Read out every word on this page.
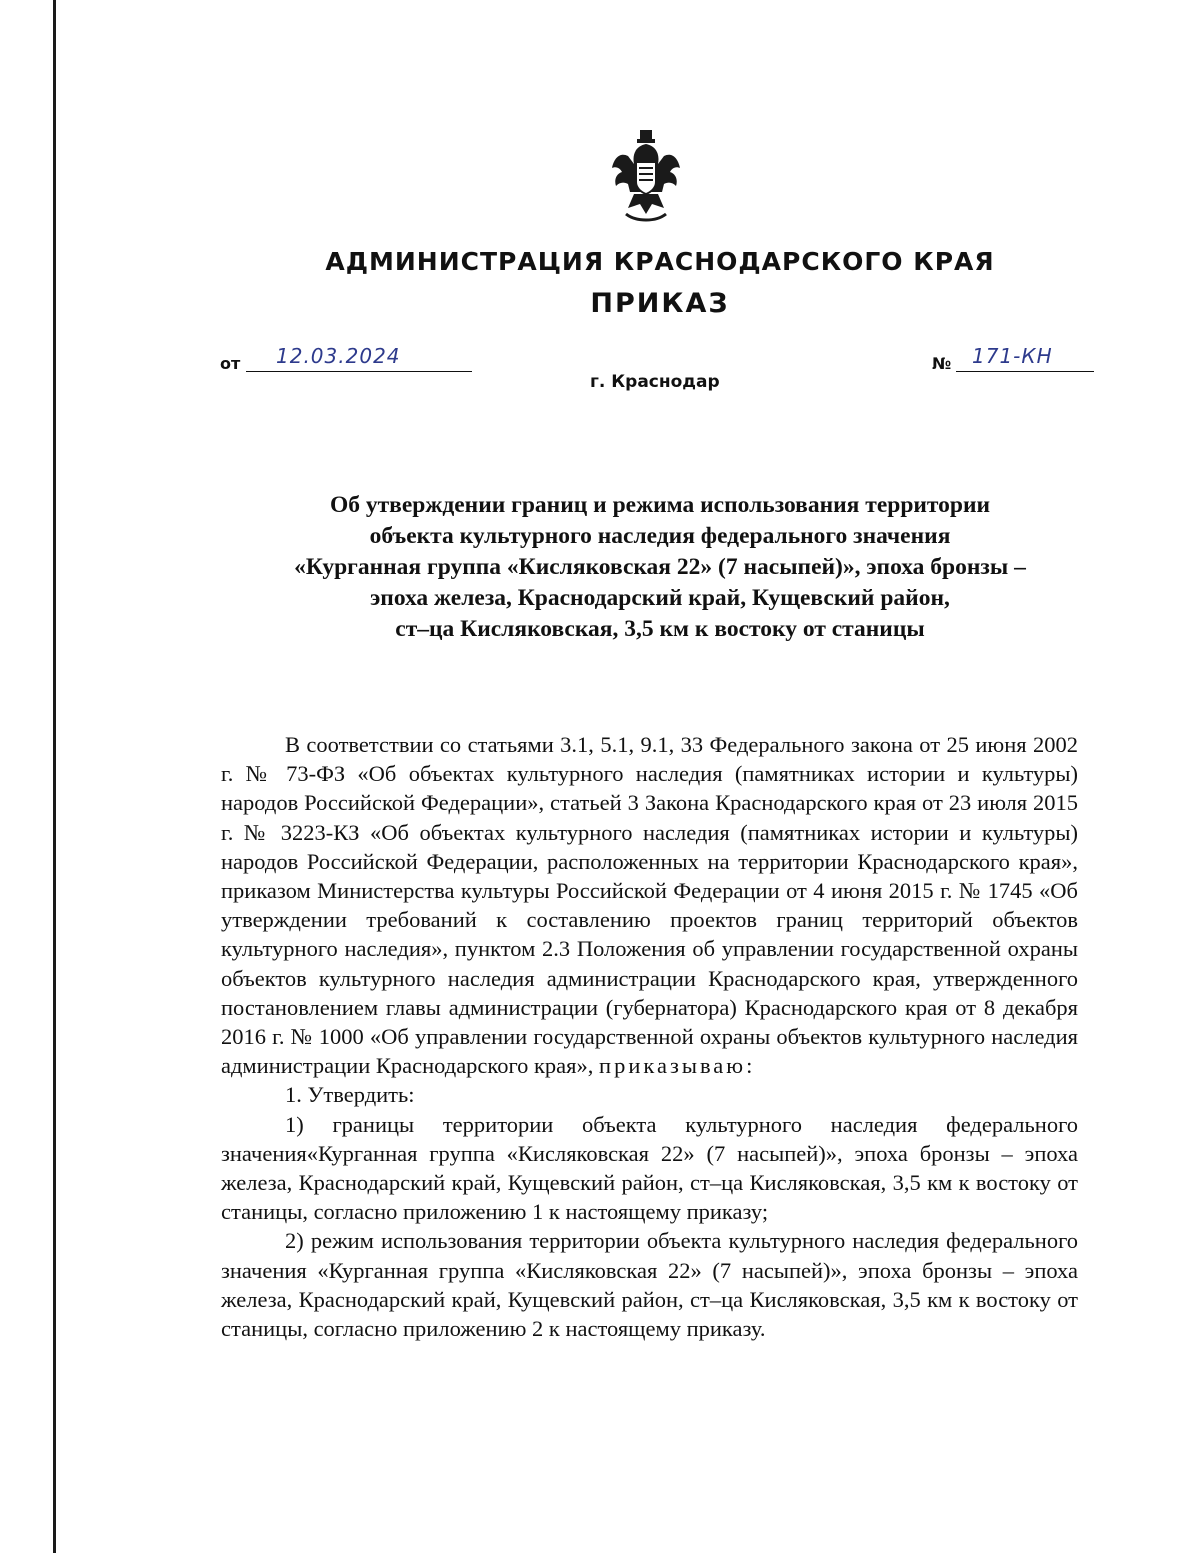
АДМИНИСТРАЦИЯ КРАСНОДАРСКОГО КРАЯ
ПРИКАЗ
от 12.03.2024
г. Краснодар
№ 171-КН
Об утверждении границ и режима использования территории
объекта культурного наследия федерального значения
«Курганная группа «Кисляковская 22» (7 насыпей)», эпоха бронзы –
эпоха железа, Краснодарский край, Кущевский район,
ст–ца Кисляковская, 3,5 км к востоку от станицы

В соответствии со статьями 3.1, 5.1, 9.1, 33 Федерального закона от 25 июня 2002 г. № 73-ФЗ «Об объектах культурного наследия (памятниках истории и культуры) народов Российской Федерации», статьей 3 Закона Краснодарского края от 23 июля 2015 г. № 3223-КЗ «Об объектах культурного наследия (памятниках истории и культуры) народов Российской Федерации, расположенных на территории Краснодарского края», приказом Министерства культуры Российской Федерации от 4 июня 2015 г. № 1745 «Об утверждении требований к составлению проектов границ территорий объектов культурного наследия», пунктом 2.3 Положения об управлении государственной охраны объектов культурного наследия администрации Краснодарского края, утвержденного постановлением главы администрации (губернатора) Краснодарского края от 8 декабря 2016 г. № 1000 «Об управлении государственной охраны объектов культурного наследия администрации Краснодарского края», приказываю:

1. Утвердить:

1) границы территории объекта культурного наследия федерального значения«Курганная группа «Кисляковская 22» (7 насыпей)», эпоха бронзы – эпоха железа, Краснодарский край, Кущевский район, ст–ца Кисляковская, 3,5 км к востоку от станицы, согласно приложению 1 к настоящему приказу;

2) режим использования территории объекта культурного наследия федерального значения «Курганная группа «Кисляковская 22» (7 насыпей)», эпоха бронзы – эпоха железа, Краснодарский край, Кущевский район, ст–ца Кисляковская, 3,5 км к востоку от станицы, согласно приложению 2 к настоящему приказу.
